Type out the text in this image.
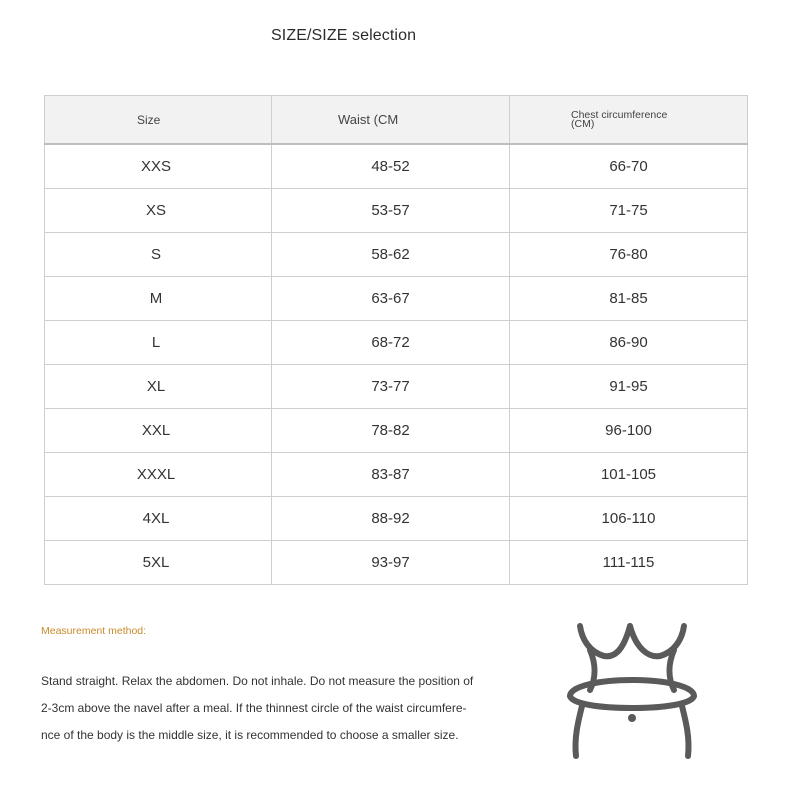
SIZE/SIZE selection
Size	Waist (CM	Chest circumference
(CM)

XXS	48-52	66-70
XS	53-57	71-75
S	58-62	76-80
M	63-67	81-85
L	68-72	86-90
XL	73-77	91-95
XXL	78-82	96-100
XXXL	83-87	101-105
4XL	88-92	106-110
5XL	93-97	111-115
Measurement method:
Stand straight. Relax the abdomen. Do not inhale. Do not measure the position of
2-3cm above the navel after a meal. If the thinnest circle of the waist circumfere-
nce of the body is the middle size, it is recommended to choose a smaller size.
